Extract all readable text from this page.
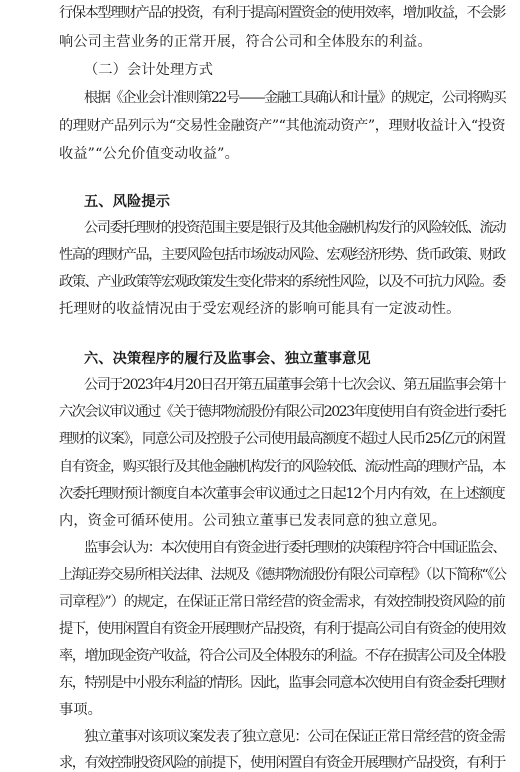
行保本型理财产品的投资，有利于提高闲置资金的使用效率，增加收益，不会影
响公司主营业务的正常开展，符合公司和全体股东的利益。
（二）会计处理方式
根据《企业会计准则第22号——金融工具确认和计量》的规定，公司将购买
的理财产品列示为“交易性金融资产”“其他流动资产”，理财收益计入“投资
收益”“公允价值变动收益”。
五、风险提示
公司委托理财的投资范围主要是银行及其他金融机构发行的风险较低、流动
性高的理财产品，主要风险包括市场波动风险、宏观经济形势、货币政策、财政
政策、产业政策等宏观政策发生变化带来的系统性风险，以及不可抗力风险。委
托理财的收益情况由于受宏观经济的影响可能具有一定波动性。
六、决策程序的履行及监事会、独立董事意见
公司于2023年4月20日召开第五届董事会第十七次会议、第五届监事会第十
六次会议审议通过《关于德邦物流股份有限公司2023年度使用自有资金进行委托
理财的议案》，同意公司及控股子公司使用最高额度不超过人民币25亿元的闲置
自有资金，购买银行及其他金融机构发行的风险较低、流动性高的理财产品，本
次委托理财预计额度自本次董事会审议通过之日起12个月内有效，在上述额度
内，资金可循环使用。公司独立董事已发表同意的独立意见。
监事会认为：本次使用自有资金进行委托理财的决策程序符合中国证监会、
上海证券交易所相关法律、法规及《德邦物流股份有限公司章程》（以下简称“《公
司章程》”）的规定，在保证正常日常经营的资金需求，有效控制投资风险的前
提下，使用闲置自有资金开展理财产品投资，有利于提高公司自有资金的使用效
率，增加现金资产收益，符合公司及全体股东的利益。不存在损害公司及全体股
东，特别是中小股东利益的情形。因此，监事会同意本次使用自有资金委托理财
事项。
独立董事对该项议案发表了独立意见：公司在保证正常日常经营的资金需
求，有效控制投资风险的前提下，使用闲置自有资金开展理财产品投资，有利于
